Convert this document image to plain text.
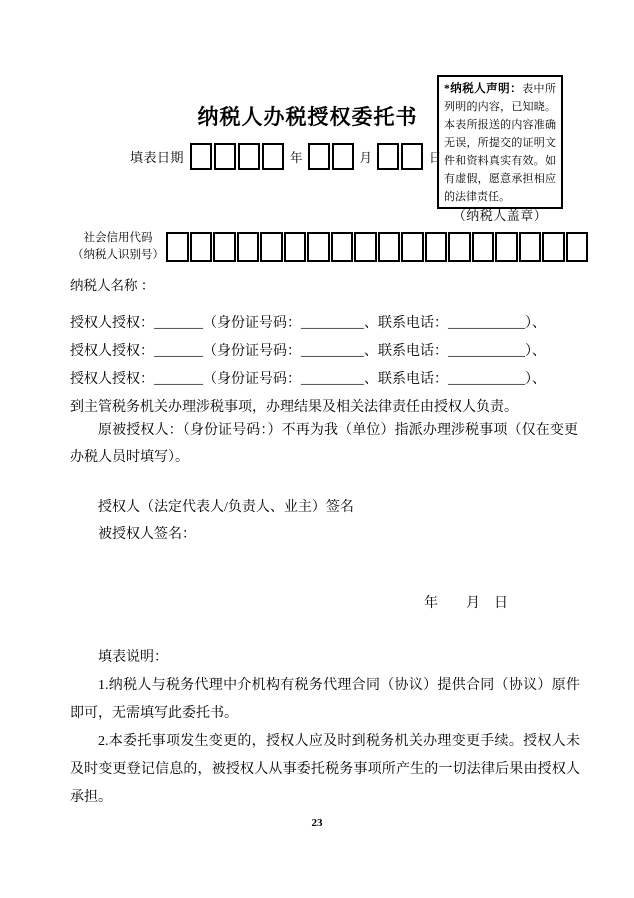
纳税人办税授权委托书
*纳税人声明：表中所列明的内容，已知晓。本表所报送的内容准确无误，所提交的证明文件和资料真实有效。如有虚假，愿意承担相应的法律责任。
（纳税人盖章）
填表日期	年	月	日
社会信用代码
（纳税人识别号）
纳税人名称 ：
授权人授权：_______（身份证号码：_________、联系电话：___________）、
授权人授权：_______（身份证号码：_________、联系电话：___________）、
授权人授权：_______（身份证号码：_________、联系电话：___________）、
到主管税务机关办理涉税事项，办理结果及相关法律责任由授权人负责。
原被授权人：（身份证号码：）不再为我（单位）指派办理涉税事项（仅在变更办税人员时填写）。
授权人（法定代表人/负责人、业主）签名
被授权人签名：
年　　月　日

填表说明：

1.纳税人与税务代理中介机构有税务代理合同（协议）提供合同（协议）原件即可，无需填写此委托书。

2.本委托事项发生变更的，授权人应及时到税务机关办理变更手续。授权人未及时变更登记信息的，被授权人从事委托税务事项所产生的一切法律后果由授权人承担。

23
